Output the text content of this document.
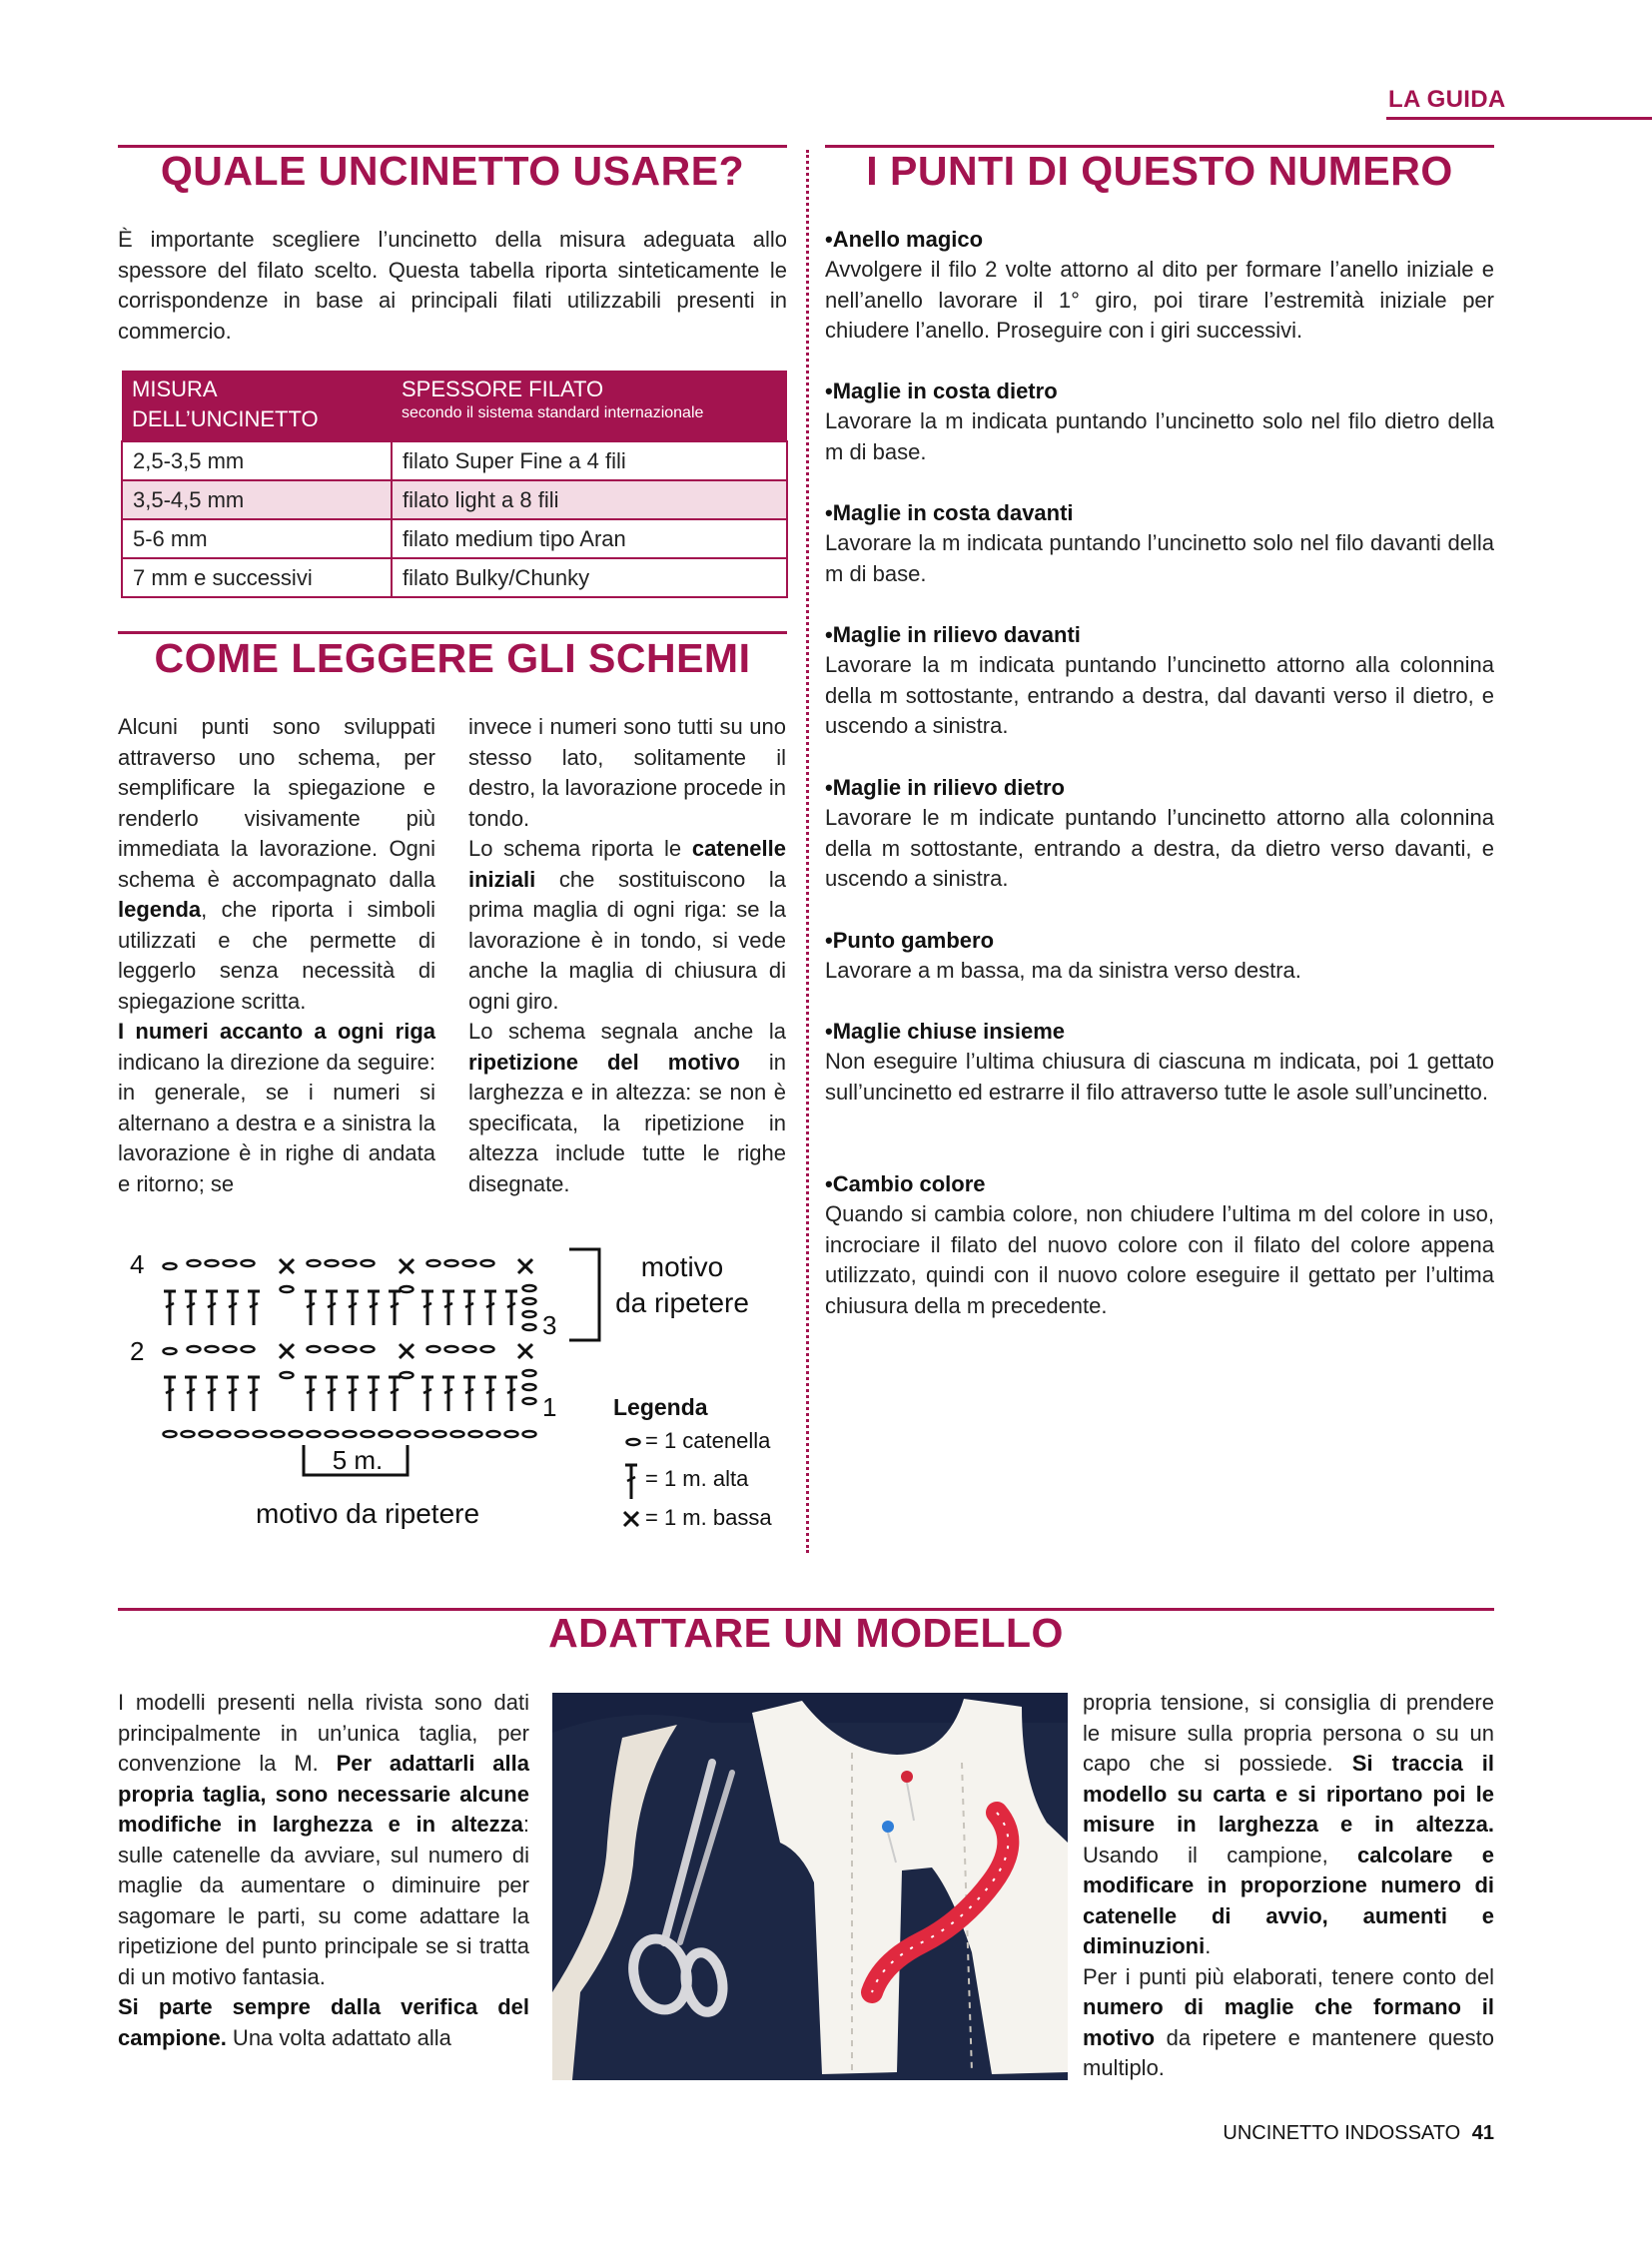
LA GUIDA
QUALE UNCINETTO USARE?
È importante scegliere l’uncinetto della misura adeguata allo spessore del filato scelto. Questa tabella riporta sinteticamente le corrispondenze in base ai principali filati utilizzabili presenti in commercio.
MISURA DELL’UNCINETTO	SPESSORE FILATO
secondo il sistema standard internazionale

2,5-3,5 mm	filato Super Fine a 4 fili
3,5-4,5 mm	filato light a 8 fili
5-6 mm	filato medium tipo Aran
7 mm e successivi	filato Bulky/Chunky
COME LEGGERE GLI SCHEMI
Alcuni punti sono sviluppati attraverso uno schema, per semplificare la spiegazione e renderlo visivamente più immediata la lavorazione. Ogni schema è accompagnato dalla legenda, che riporta i simboli utilizzati e che permette di leggerlo senza necessità di spiegazione scritta.
I numeri accanto a ogni riga indicano la direzione da seguire: in generale, se i numeri si alternano a destra e a sinistra la lavorazione è in righe di andata e ritorno; se
invece i numeri sono tutti su uno stesso lato, solitamente il destro, la lavorazione procede in tondo.
Lo schema riporta le catenelle iniziali che sostituiscono la prima maglia di ogni riga: se la lavorazione è in tondo, si vede anche la maglia di chiusura di ogni giro.
Lo schema segnala anche la ripetizione del motivo in larghezza e in altezza: se non è specificata, la ripetizione in altezza include tutte le righe disegnate.
4
2
3
1
motivo
da ripetere
5 m.
motivo da ripetere
Legenda
= 1 catenella
= 1 m. alta
= 1 m. bassa
I PUNTI DI QUESTO NUMERO
•Anello magico
Avvolgere il filo 2 volte attorno al dito per formare l’anello iniziale e nell’anello lavorare il 1° giro, poi tirare l’estremità iniziale per chiudere l’anello. Proseguire con i giri successivi.
•Maglie in costa dietro
Lavorare la m indicata puntando l’uncinetto solo nel filo dietro della m di base.
•Maglie in costa davanti
Lavorare la m indicata puntando l’uncinetto solo nel filo davanti della m di base.
•Maglie in rilievo davanti
Lavorare la m indicata puntando l’uncinetto attorno alla colonnina della m sottostante, entrando a destra, dal davanti verso il dietro, e uscendo a sinistra.
•Maglie in rilievo dietro
Lavorare le m indicate puntando l’uncinetto attorno alla colonnina della m sottostante, entrando a destra, da dietro verso davanti, e uscendo a sinistra.
•Punto gambero
Lavorare a m bassa, ma da sinistra verso destra.
•Maglie chiuse insieme
Non eseguire l’ultima chiusura di ciascuna m indicata, poi 1 gettato sull’uncinetto ed estrarre il filo attraverso tutte le asole sull’uncinetto.
•Cambio colore
Quando si cambia colore, non chiudere l’ultima m del colore in uso, incrociare il filato del nuovo colore con il filato del colore appena utilizzato, quindi con il nuovo colore eseguire il gettato per l’ultima chiusura della m precedente.
ADATTARE UN MODELLO
I modelli presenti nella rivista sono dati principalmente in un’unica taglia, per convenzione la M. Per adattarli alla propria taglia, sono necessarie alcune modifiche in larghezza e in altezza: sulle catenelle da avviare, sul numero di maglie da aumentare o diminuire per sagomare le parti, su come adattare la ripetizione del punto principale se si tratta di un motivo fantasia.
Si parte sempre dalla verifica del campione. Una volta adattato alla
propria tensione, si consiglia di prendere le misure sulla propria persona o su un capo che si possiede. Si traccia il modello su carta e si riportano poi le misure in larghezza e in altezza. Usando il campione, calcolare e modificare in proporzione numero di catenelle di avvio, aumenti e diminuzioni.
Per i punti più elaborati, tenere conto del numero di maglie che formano il motivo da ripetere e mantenere questo multiplo.
UNCINETTO INDOSSATO 41
